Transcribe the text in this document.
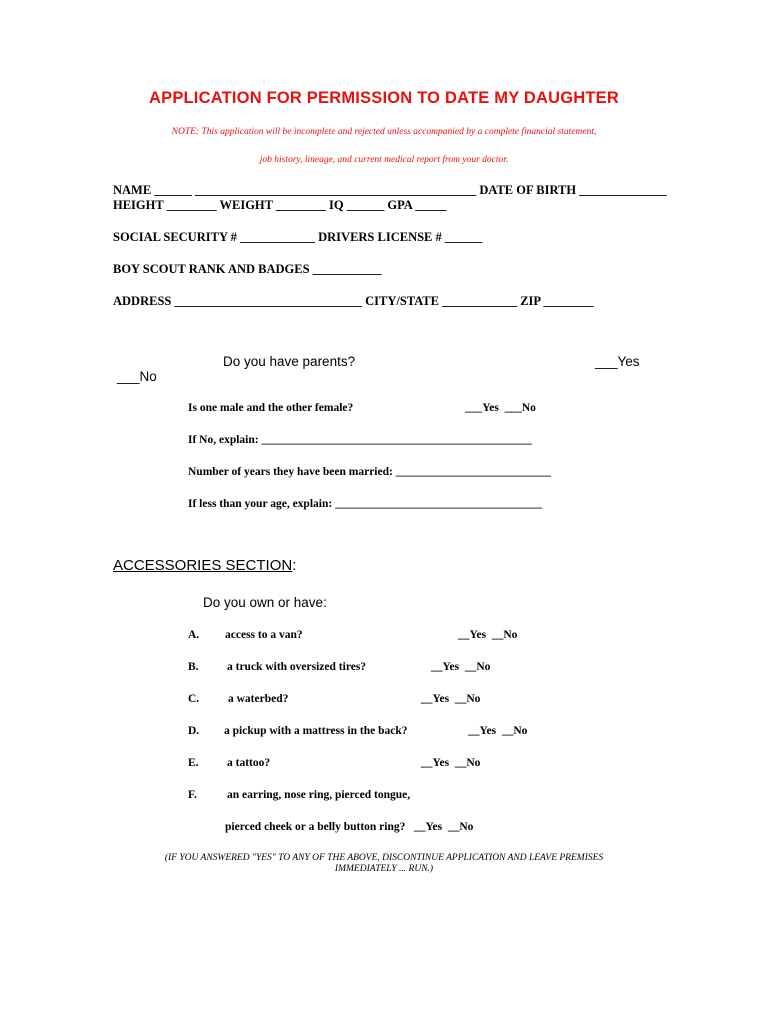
APPLICATION FOR PERMISSION TO DATE MY DAUGHTER
NOTE: This application will be incomplete and rejected unless accompanied by a complete financial statement,
job history, lineage, and current medical report from your doctor.
NAME ______ _____________________________________________ DATE OF BIRTH ______________
HEIGHT ________ WEIGHT ________ IQ ______ GPA _____
SOCIAL SECURITY # ____________ DRIVERS LICENSE # ______
BOY SCOUT RANK AND BADGES ___________
ADDRESS ______________________________ CITY/STATE ____________ ZIP ________
Do you have parents?	___Yes
___No
Is one male and the other female?	___Yes  ___No
If No, explain: _______________________________________________
Number of years they have been married: ___________________________
If less than your age, explain: ____________________________________
ACCESSORIES SECTION:
Do you own or have:
A. access to a van?	__Yes  __No
B. a truck with oversized tires?	__Yes  __No
C.	a waterbed?	__Yes  __No
D. a pickup with a mattress in the back?	__Yes  __No
E. a tattoo?	__Yes  __No
F.	an earring, nose ring, pierced tongue,
pierced cheek or a belly button ring?   __Yes  __No
(IF YOU ANSWERED "YES" TO ANY OF THE ABOVE, DISCONTINUE APPLICATION AND LEAVE PREMISES
IMMEDIATELY ... RUN.)
